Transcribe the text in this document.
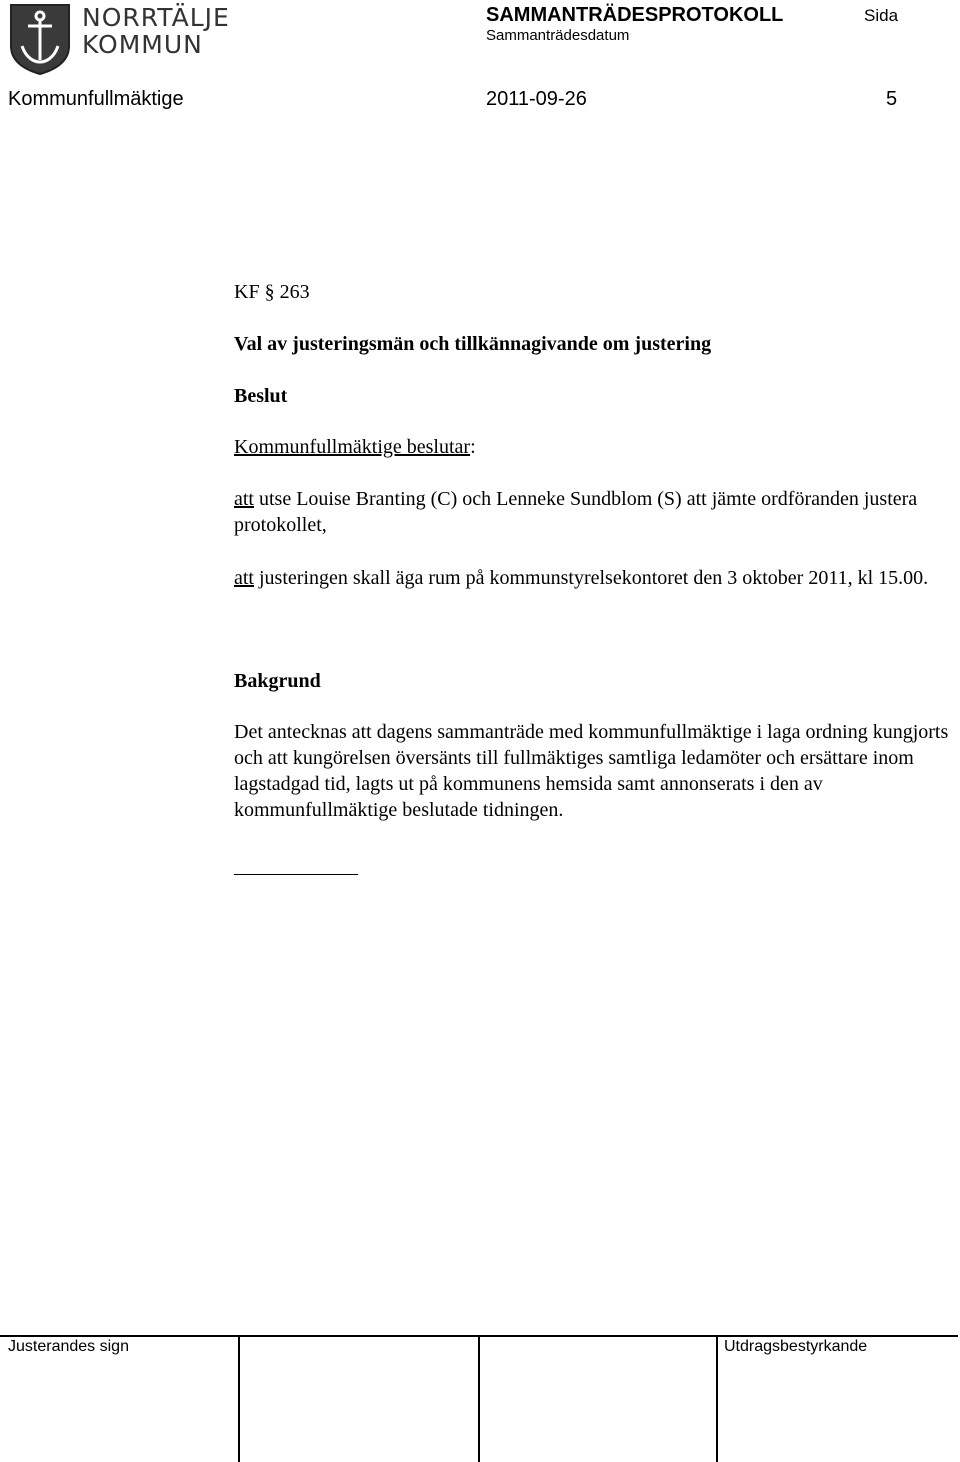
NORRTÄLJE
KOMMUN
SAMMANTRÄDESPROTOKOLL
Sammanträdesdatum
Sida
Kommunfullmäktige	2011-09-26	5
KF § 263
Val av justeringsmän och tillkännagivande om justering
Beslut
Kommunfullmäktige beslutar:
att utse Louise Branting (C) och Lenneke Sundblom (S) att jämte ordföranden justera protokollet,
att justeringen skall äga rum på kommunstyrelsekontoret den 3 oktober 2011, kl 15.00.
Bakgrund
Det antecknas att dagens sammanträde med kommunfullmäktige i laga ordning kungjorts och att kungörelsen översänts till fullmäktiges samtliga ledamöter och ersättare inom lagstadgad tid, lagts ut på kommunens hemsida samt annonserats i den av kommunfullmäktige beslutade tidningen.
Justerandes sign	Utdragsbestyrkande
